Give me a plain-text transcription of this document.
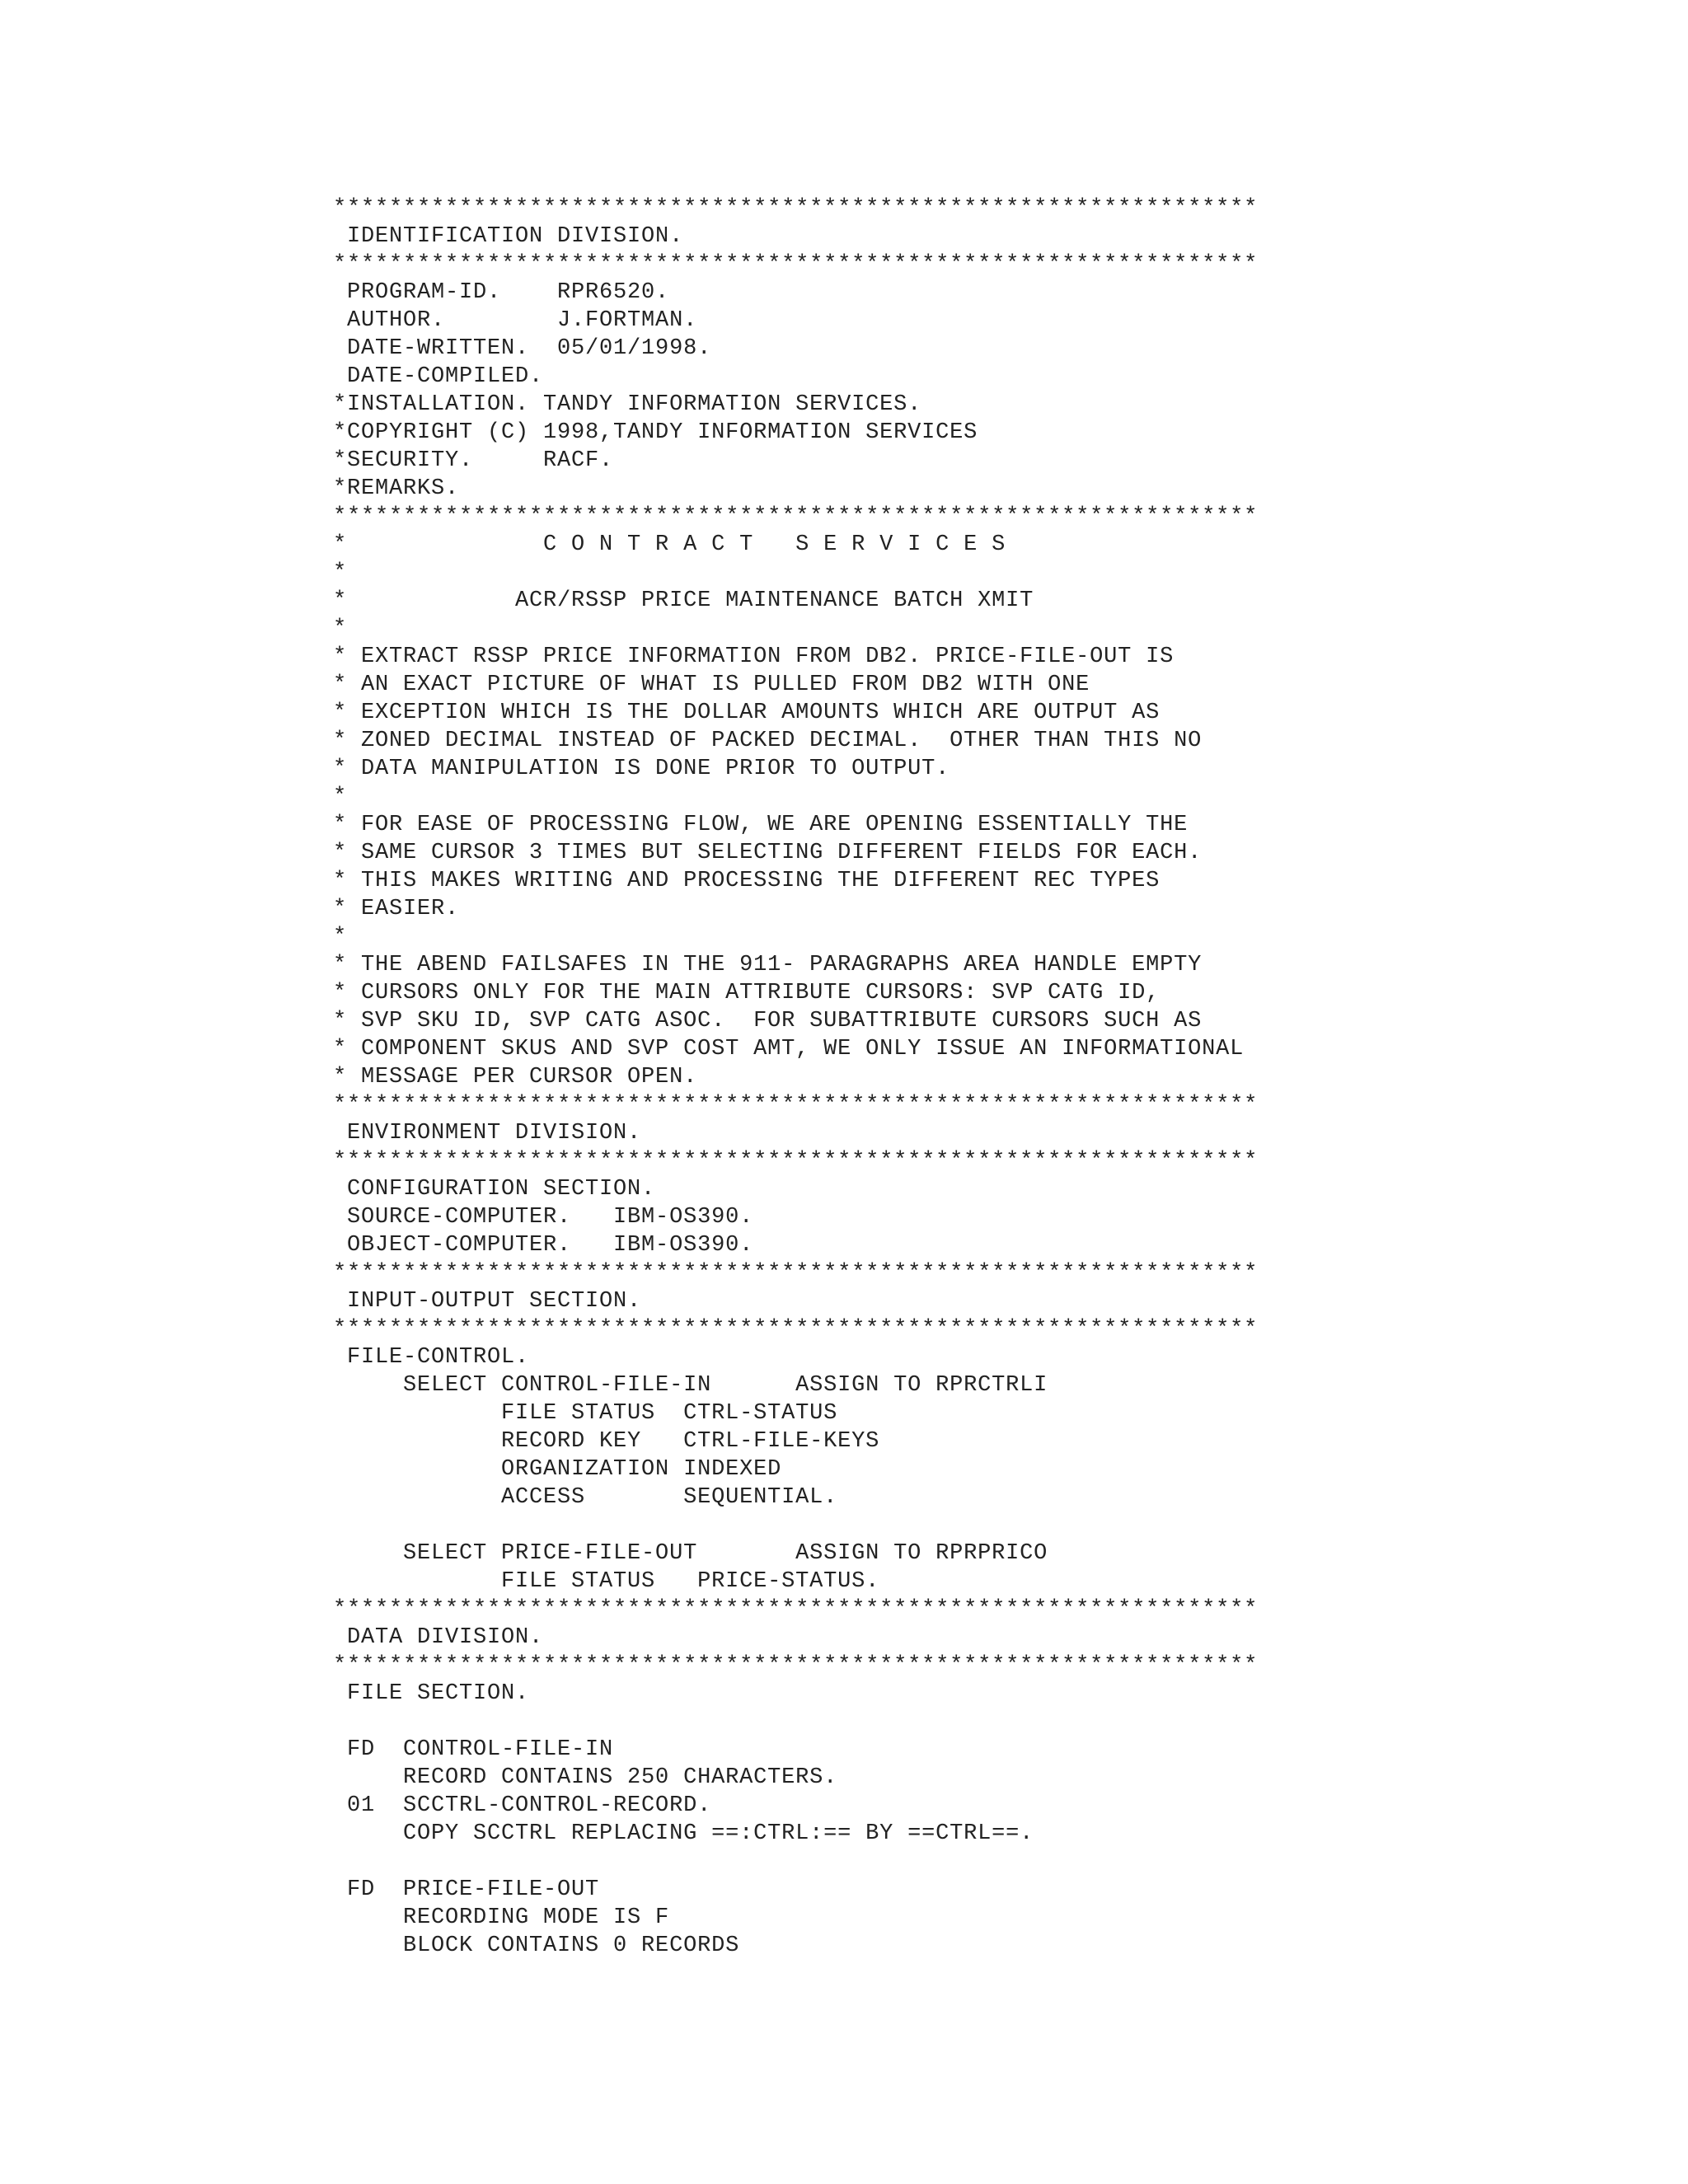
******************************************************************
IDENTIFICATION DIVISION.
******************************************************************
PROGRAM-ID.    RPR6520.
AUTHOR.        J.FORTMAN.
DATE-WRITTEN.  05/01/1998.
DATE-COMPILED.
*INSTALLATION. TANDY INFORMATION SERVICES.
*COPYRIGHT (C) 1998,TANDY INFORMATION SERVICES
*SECURITY.     RACF.
*REMARKS.
******************************************************************
*              C O N T R A C T   S E R V I C E S
*
*            ACR/RSSP PRICE MAINTENANCE BATCH XMIT
*
* EXTRACT RSSP PRICE INFORMATION FROM DB2. PRICE-FILE-OUT IS
* AN EXACT PICTURE OF WHAT IS PULLED FROM DB2 WITH ONE
* EXCEPTION WHICH IS THE DOLLAR AMOUNTS WHICH ARE OUTPUT AS
* ZONED DECIMAL INSTEAD OF PACKED DECIMAL.  OTHER THAN THIS NO
* DATA MANIPULATION IS DONE PRIOR TO OUTPUT.
*
* FOR EASE OF PROCESSING FLOW, WE ARE OPENING ESSENTIALLY THE
* SAME CURSOR 3 TIMES BUT SELECTING DIFFERENT FIELDS FOR EACH.
* THIS MAKES WRITING AND PROCESSING THE DIFFERENT REC TYPES
* EASIER.
*
* THE ABEND FAILSAFES IN THE 911- PARAGRAPHS AREA HANDLE EMPTY
* CURSORS ONLY FOR THE MAIN ATTRIBUTE CURSORS: SVP CATG ID,
* SVP SKU ID, SVP CATG ASOC.  FOR SUBATTRIBUTE CURSORS SUCH AS
* COMPONENT SKUS AND SVP COST AMT, WE ONLY ISSUE AN INFORMATIONAL
* MESSAGE PER CURSOR OPEN.
******************************************************************
ENVIRONMENT DIVISION.
******************************************************************
CONFIGURATION SECTION.
SOURCE-COMPUTER.   IBM-OS390.
OBJECT-COMPUTER.   IBM-OS390.
******************************************************************
INPUT-OUTPUT SECTION.
******************************************************************
FILE-CONTROL.
SELECT CONTROL-FILE-IN      ASSIGN TO RPRCTRLI
FILE STATUS  CTRL-STATUS
RECORD KEY   CTRL-FILE-KEYS
ORGANIZATION INDEXED
ACCESS       SEQUENTIAL.
SELECT PRICE-FILE-OUT       ASSIGN TO RPRPRICO
FILE STATUS   PRICE-STATUS.
******************************************************************
DATA DIVISION.
******************************************************************
FILE SECTION.
FD  CONTROL-FILE-IN
RECORD CONTAINS 250 CHARACTERS.
01  SCCTRL-CONTROL-RECORD.
COPY SCCTRL REPLACING ==:CTRL:== BY ==CTRL==.
FD  PRICE-FILE-OUT
RECORDING MODE IS F
BLOCK CONTAINS 0 RECORDS
